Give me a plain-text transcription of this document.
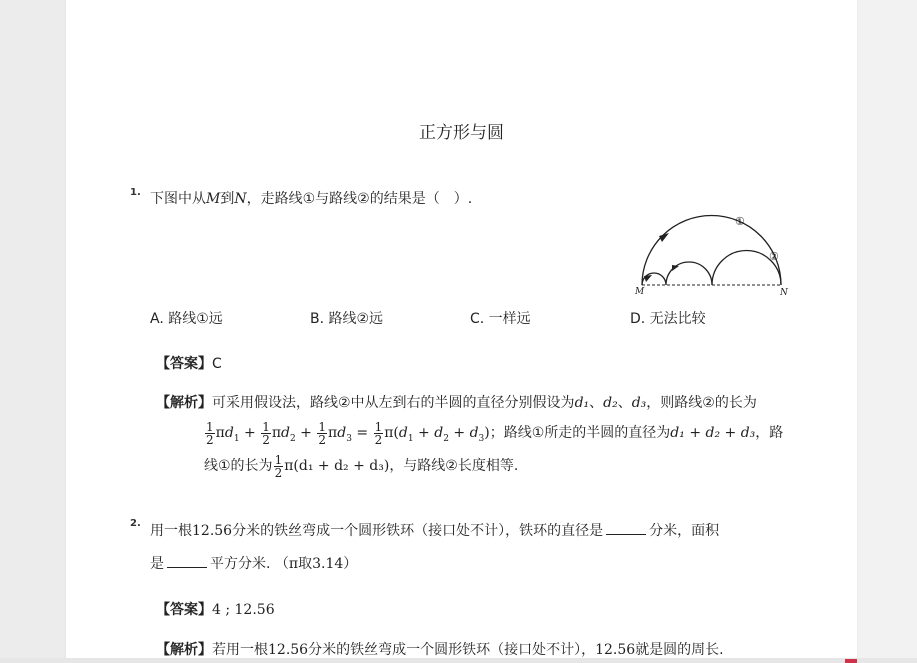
正方形与圆
1. 下图中从M到N，走路线①与路线②的结果是（　）.
①
②
M	N
A. 路线①远	B. 路线②远	C. 一样远	D. 无法比较
【答案】C
【解析】可采用假设法，路线②中从左到右的半圆的直径分别假设为d₁、d₂、d₃，则路线②的长为
$\frac{1}{2} \pi d_1 + \frac{1}{2} \pi d_2 + \frac{1}{2} \pi d_3 = \frac{1}{2} \pi(d_1 + d_2 + d_3)$；路线①所走的半圆的直径为d₁ + d₂ + d₃，路
线①的长为 $\frac{1}{2} \pi(d_1 + d_2 + d_3)$，与路线②长度相等.
2. 用一根12.56分米的铁丝弯成一个圆形铁环（接口处不计），铁环的直径是	分米，面积
是	平方分米. （π取3.14）
【答案】4 ; 12.56
【解析】若用一根12.56分米的铁丝弯成一个圆形铁环（接口处不计），12.56就是圆的周长.
